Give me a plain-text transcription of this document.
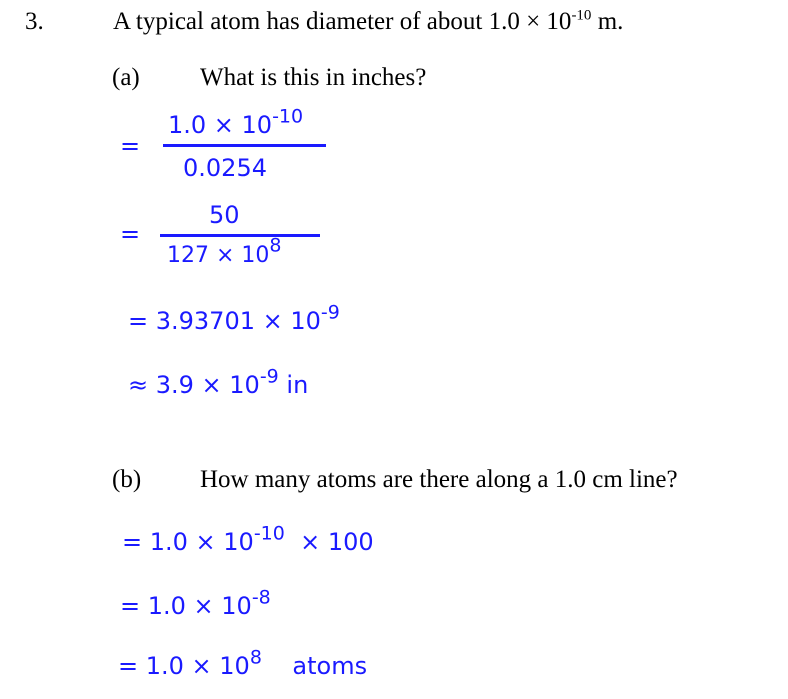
3.	A typical atom has diameter of about $1.0 \times 10^{-10}$ m.
(a) What is this in inches?
=
$1.0 \times 10^{-10}$
0.0254
=
50
$127 \times 10^8$
= $3.93701 \times 10^{-9}$
≈ $3.9 \times 10^{-9}$ in
(b) How many atoms are there along a 1.0 cm line?
= $1.0 \times 10^{-10} \times 100$
= $1.0 \times 10^{-8}$
= $1.0 \times 10^8$ atoms
